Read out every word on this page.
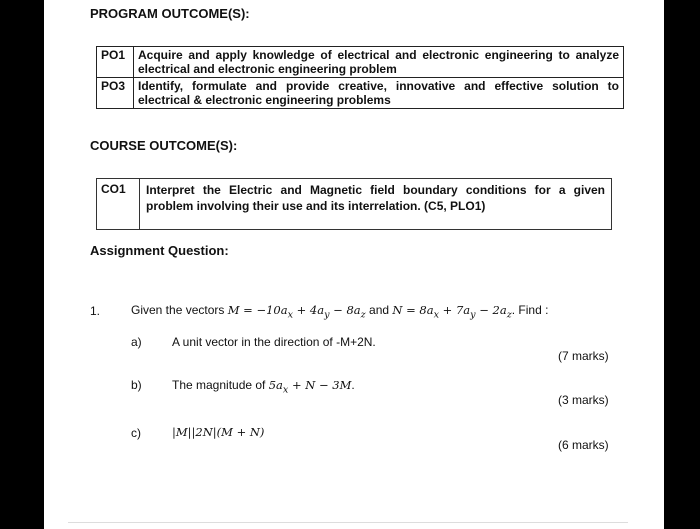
PROGRAM OUTCOME(S):
PO1	Acquire and apply knowledge of electrical and electronic engineering to analyze electrical and electronic engineering problem
PO3	Identify, formulate and provide creative, innovative and effective solution to electrical & electronic engineering problems
COURSE OUTCOME(S):
CO1	Interpret the Electric and Magnetic field boundary conditions for a given problem involving their use and its interrelation. (C5, PLO1)
Assignment Question:
1.	Given the vectors $M = -10a_x + 4a_y - 8a_z$ and $N = 8a_x + 7a_y - 2a_z$. Find :
a)	A unit vector in the direction of -M+2N.
(7 marks)
b)	The magnitude of $5a_x + N - 3M$.
(3 marks)
c)	|M||2N|(M + N)
(6 marks)
